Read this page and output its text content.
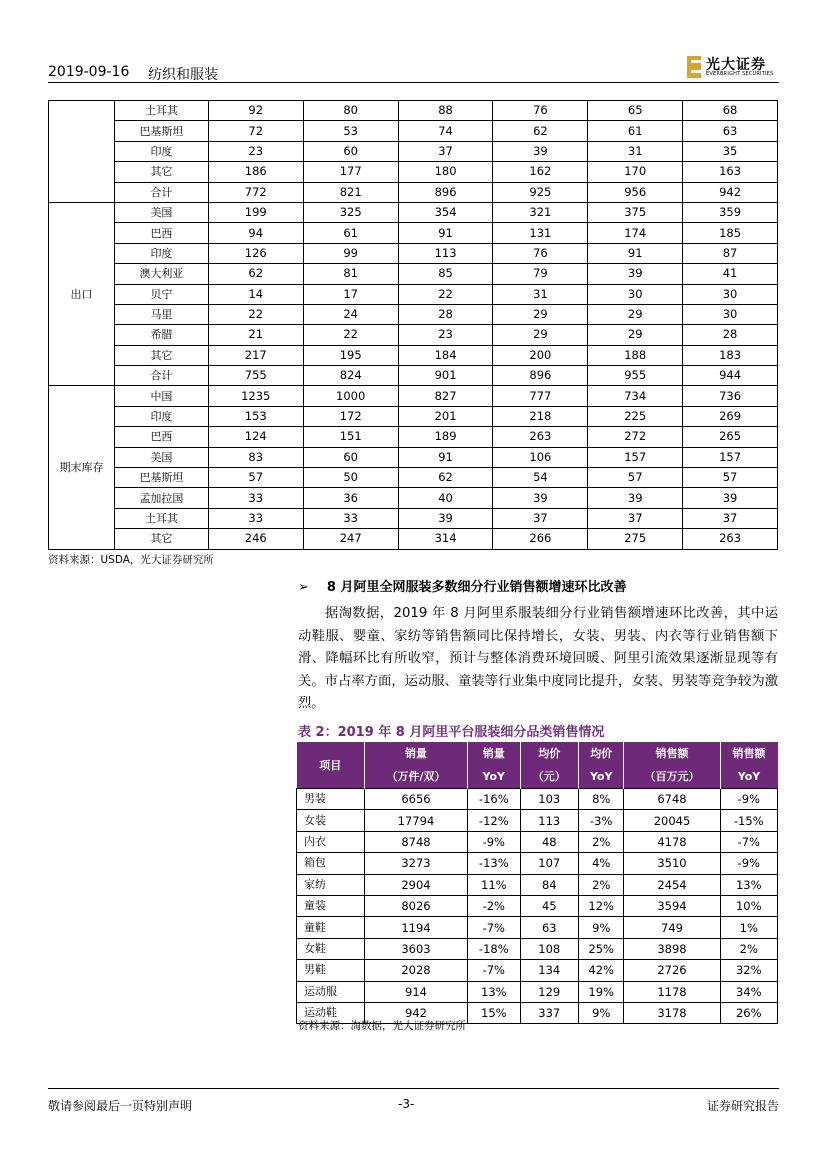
2019-09-16 纺织和服装
光大证券
EVERBRIGHT SECURITIES
	土耳其	92	80	88	76	65	68
	巴基斯坦	72	53	74	62	61	63
	印度	23	60	37	39	31	35
	其它	186	177	180	162	170	163
	合计	772	821	896	925	956	942
出口	美国	199	325	354	321	375	359
	巴西	94	61	91	131	174	185
	印度	126	99	113	76	91	87
	澳大利亚	62	81	85	79	39	41
	贝宁	14	17	22	31	30	30
	马里	22	24	28	29	29	30
	希腊	21	22	23	29	29	28
	其它	217	195	184	200	188	183
	合计	755	824	901	896	955	944
期末库存	中国	1235	1000	827	777	734	736
	印度	153	172	201	218	225	269
	巴西	124	151	189	263	272	265
	美国	83	60	91	106	157	157
	巴基斯坦	57	50	62	54	57	57
	孟加拉国	33	36	40	39	39	39
	土耳其	33	33	39	37	37	37
	其它	246	247	314	266	275	263
资料来源：USDA，光大证券研究所
➢ 8 月阿里全网服装多数细分行业销售额增速环比改善

据淘数据，2019 年 8 月阿里系服装细分行业销售额增速环比改善，其中运动鞋服、婴童、家纺等销售额同比保持增长，女装、男装、内衣等行业销售额下滑、降幅环比有所收窄，预计与整体消费环境回暖、阿里引流效果逐渐显现等有关。市占率方面，运动服、童装等行业集中度同比提升，女装、男装等竞争较为激烈。

表 2：2019 年 8 月阿里平台服装细分品类销售情况
项目	销量	销量	均价	均价	销售额	销售额
	（万件/双）	YoY	（元）	YoY	（百万元）	YoY
男装	6656	-16%	103	8%	6748	-9%
女装	17794	-12%	113	-3%	20045	-15%
内衣	8748	-9%	48	2%	4178	-7%
箱包	3273	-13%	107	4%	3510	-9%
家纺	2904	11%	84	2%	2454	13%
童装	8026	-2%	45	12%	3594	10%
童鞋	1194	-7%	63	9%	749	1%
女鞋	3603	-18%	108	25%	3898	2%
男鞋	2028	-7%	134	42%	2726	32%
运动服	914	13%	129	19%	1178	34%
运动鞋	942	15%	337	9%	3178	26%
资料来源：淘数据，光大证券研究所
敬请参阅最后一页特别声明	-3-	证券研究报告
